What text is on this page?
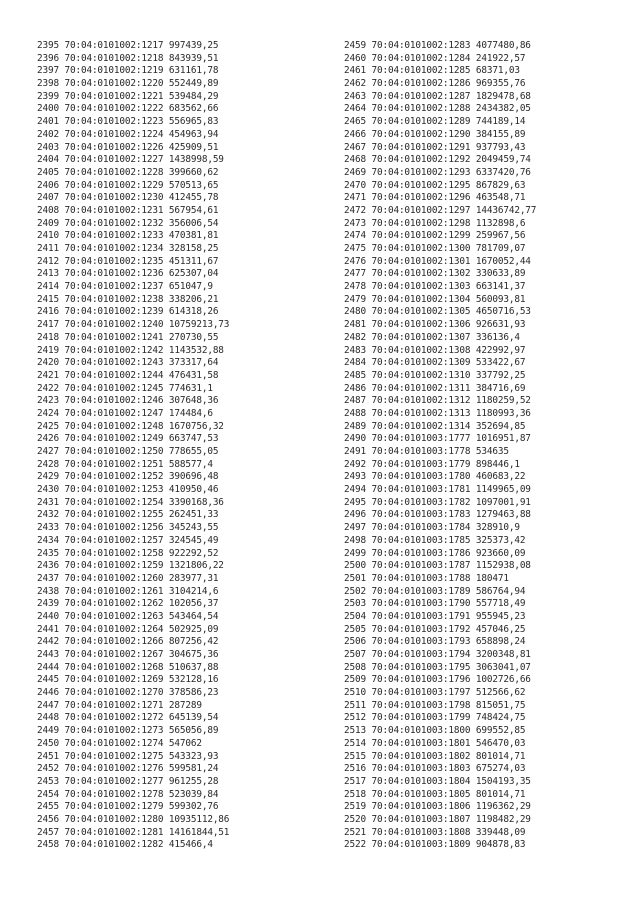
2395 70:04:0101002:1217 997439,25
2396 70:04:0101002:1218 843939,51
2397 70:04:0101002:1219 631161,78
2398 70:04:0101002:1220 552449,89
2399 70:04:0101002:1221 539484,29
2400 70:04:0101002:1222 683562,66
2401 70:04:0101002:1223 556965,83
2402 70:04:0101002:1224 454963,94
2403 70:04:0101002:1226 425909,51
2404 70:04:0101002:1227 1438998,59
2405 70:04:0101002:1228 399660,62
2406 70:04:0101002:1229 570513,65
2407 70:04:0101002:1230 412455,78
2408 70:04:0101002:1231 567954,61
2409 70:04:0101002:1232 356006,54
2410 70:04:0101002:1233 470381,81
2411 70:04:0101002:1234 328158,25
2412 70:04:0101002:1235 451311,67
2413 70:04:0101002:1236 625307,04
2414 70:04:0101002:1237 651047,9
2415 70:04:0101002:1238 338206,21
2416 70:04:0101002:1239 614318,26
2417 70:04:0101002:1240 10759213,73
2418 70:04:0101002:1241 270730,55
2419 70:04:0101002:1242 1143532,88
2420 70:04:0101002:1243 373317,64
2421 70:04:0101002:1244 476431,58
2422 70:04:0101002:1245 774631,1
2423 70:04:0101002:1246 307648,36
2424 70:04:0101002:1247 174484,6
2425 70:04:0101002:1248 1670756,32
2426 70:04:0101002:1249 663747,53
2427 70:04:0101002:1250 778655,05
2428 70:04:0101002:1251 588577,4
2429 70:04:0101002:1252 390696,48
2430 70:04:0101002:1253 410950,46
2431 70:04:0101002:1254 3390168,36
2432 70:04:0101002:1255 262451,33
2433 70:04:0101002:1256 345243,55
2434 70:04:0101002:1257 324545,49
2435 70:04:0101002:1258 922292,52
2436 70:04:0101002:1259 1321806,22
2437 70:04:0101002:1260 283977,31
2438 70:04:0101002:1261 3104214,6
2439 70:04:0101002:1262 102056,37
2440 70:04:0101002:1263 543464,54
2441 70:04:0101002:1264 502925,09
2442 70:04:0101002:1266 807256,42
2443 70:04:0101002:1267 304675,36
2444 70:04:0101002:1268 510637,88
2445 70:04:0101002:1269 532128,16
2446 70:04:0101002:1270 378586,23
2447 70:04:0101002:1271 287289
2448 70:04:0101002:1272 645139,54
2449 70:04:0101002:1273 565056,89
2450 70:04:0101002:1274 547062
2451 70:04:0101002:1275 543323,93
2452 70:04:0101002:1276 599581,24
2453 70:04:0101002:1277 961255,28
2454 70:04:0101002:1278 523039,84
2455 70:04:0101002:1279 599302,76
2456 70:04:0101002:1280 10935112,86
2457 70:04:0101002:1281 14161844,51
2458 70:04:0101002:1282 415466,4
2459 70:04:0101002:1283 4077480,86
2460 70:04:0101002:1284 241922,57
2461 70:04:0101002:1285 68371,03
2462 70:04:0101002:1286 969355,76
2463 70:04:0101002:1287 1829478,68
2464 70:04:0101002:1288 2434382,05
2465 70:04:0101002:1289 744189,14
2466 70:04:0101002:1290 384155,89
2467 70:04:0101002:1291 937793,43
2468 70:04:0101002:1292 2049459,74
2469 70:04:0101002:1293 6337420,76
2470 70:04:0101002:1295 867829,63
2471 70:04:0101002:1296 463548,71
2472 70:04:0101002:1297 14436742,77
2473 70:04:0101002:1298 1132898,6
2474 70:04:0101002:1299 259967,56
2475 70:04:0101002:1300 781709,07
2476 70:04:0101002:1301 1670052,44
2477 70:04:0101002:1302 330633,89
2478 70:04:0101002:1303 663141,37
2479 70:04:0101002:1304 560093,81
2480 70:04:0101002:1305 4650716,53
2481 70:04:0101002:1306 926631,93
2482 70:04:0101002:1307 336136,4
2483 70:04:0101002:1308 422992,97
2484 70:04:0101002:1309 533422,67
2485 70:04:0101002:1310 337792,25
2486 70:04:0101002:1311 384716,69
2487 70:04:0101002:1312 1180259,52
2488 70:04:0101002:1313 1180993,36
2489 70:04:0101002:1314 352694,85
2490 70:04:0101003:1777 1016951,87
2491 70:04:0101003:1778 534635
2492 70:04:0101003:1779 898446,1
2493 70:04:0101003:1780 460683,22
2494 70:04:0101003:1781 1149965,09
2495 70:04:0101003:1782 1097001,91
2496 70:04:0101003:1783 1279463,88
2497 70:04:0101003:1784 328910,9
2498 70:04:0101003:1785 325373,42
2499 70:04:0101003:1786 923660,09
2500 70:04:0101003:1787 1152938,08
2501 70:04:0101003:1788 180471
2502 70:04:0101003:1789 586764,94
2503 70:04:0101003:1790 557718,49
2504 70:04:0101003:1791 955945,23
2505 70:04:0101003:1792 457046,25
2506 70:04:0101003:1793 658898,24
2507 70:04:0101003:1794 3200348,81
2508 70:04:0101003:1795 3063041,07
2509 70:04:0101003:1796 1002726,66
2510 70:04:0101003:1797 512566,62
2511 70:04:0101003:1798 815051,75
2512 70:04:0101003:1799 748424,75
2513 70:04:0101003:1800 699552,85
2514 70:04:0101003:1801 546470,03
2515 70:04:0101003:1802 801014,71
2516 70:04:0101003:1803 675274,03
2517 70:04:0101003:1804 1504193,35
2518 70:04:0101003:1805 801014,71
2519 70:04:0101003:1806 1196362,29
2520 70:04:0101003:1807 1198482,29
2521 70:04:0101003:1808 339448,09
2522 70:04:0101003:1809 904878,83
